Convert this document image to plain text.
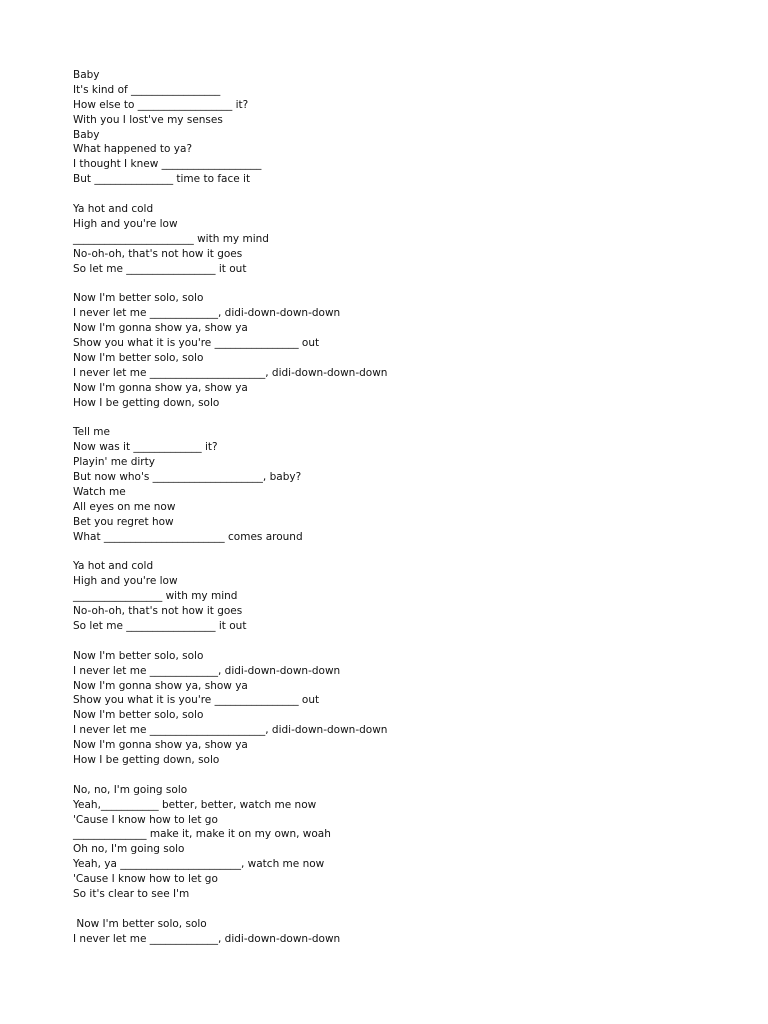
Baby
It's kind of _________________
How else to __________________ it?
With you I lost've my senses
Baby
What happened to ya?
I thought I knew ___________________
But _______________ time to face it
Ya hot and cold
High and you're low
_______________________ with my mind
No-oh-oh, that's not how it goes
So let me _________________ it out
Now I'm better solo, solo
I never let me _____________, didi-down-down-down
Now I'm gonna show ya, show ya
Show you what it is you're ________________ out
Now I'm better solo, solo
I never let me ______________________, didi-down-down-down
Now I'm gonna show ya, show ya
How I be getting down, solo
Tell me
Now was it _____________ it?
Playin' me dirty
But now who's _____________________, baby?
Watch me
All eyes on me now
Bet you regret how
What _______________________ comes around
Ya hot and cold
High and you're low
_________________ with my mind
No-oh-oh, that's not how it goes
So let me _________________ it out
Now I'm better solo, solo
I never let me _____________, didi-down-down-down
Now I'm gonna show ya, show ya
Show you what it is you're ________________ out
Now I'm better solo, solo
I never let me ______________________, didi-down-down-down
Now I'm gonna show ya, show ya
How I be getting down, solo
No, no, I'm going solo
Yeah,___________ better, better, watch me now
'Cause I know how to let go
______________ make it, make it on my own, woah
Oh no, I'm going solo
Yeah, ya _______________________, watch me now
'Cause I know how to let go
So it's clear to see I'm
Now I'm better solo, solo
I never let me _____________, didi-down-down-down
